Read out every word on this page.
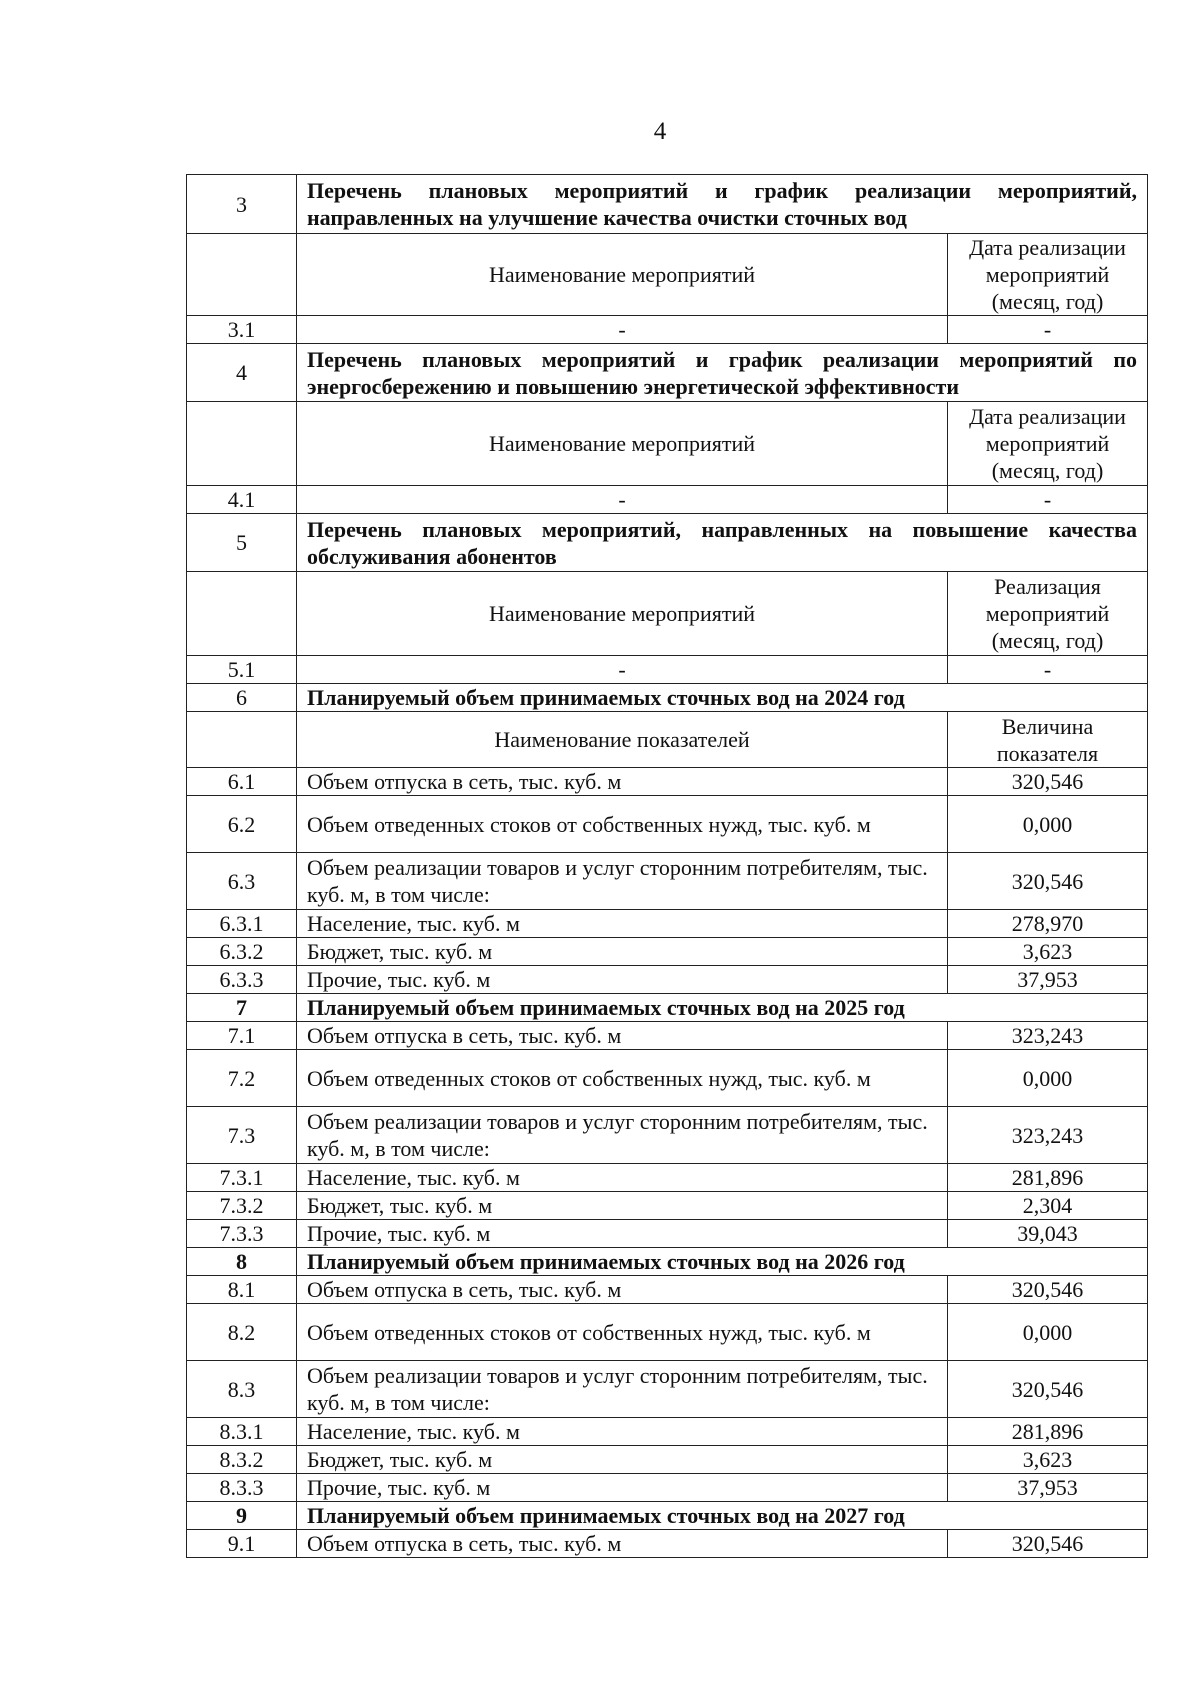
4
3	Перечень плановых мероприятий и график реализации мероприятий, направленных на улучшение качества очистки сточных вод	
	Наименование мероприятий	Дата реализации мероприятий (месяц, год)
3.1	-	-
4	Перечень плановых мероприятий и график реализации мероприятий по энергосбережению и повышению энергетической эффективности	
	Наименование мероприятий	Дата реализации мероприятий (месяц, год)
4.1	-	-
5	Перечень плановых мероприятий, направленных на повышение качества обслуживания абонентов	
	Наименование мероприятий	Реализация мероприятий (месяц, год)
5.1	-	-
6	Планируемый объем принимаемых сточных вод на 2024 год	
	Наименование показателей	Величина показателя
6.1	Объем отпуска в сеть, тыс. куб. м	320,546
6.2	Объем отведенных стоков от собственных нужд, тыс. куб. м	0,000
6.3	Объем реализации товаров и услуг сторонним потребителям, тыс. куб. м, в том числе:	320,546
6.3.1	Население, тыс. куб. м	278,970
6.3.2	Бюджет, тыс. куб. м	3,623
6.3.3	Прочие, тыс. куб. м	37,953
7	Планируемый объем принимаемых сточных вод на 2025 год	
7.1	Объем отпуска в сеть, тыс. куб. м	323,243
7.2	Объем отведенных стоков от собственных нужд, тыс. куб. м	0,000
7.3	Объем реализации товаров и услуг сторонним потребителям, тыс. куб. м, в том числе:	323,243
7.3.1	Население, тыс. куб. м	281,896
7.3.2	Бюджет, тыс. куб. м	2,304
7.3.3	Прочие, тыс. куб. м	39,043
8	Планируемый объем принимаемых сточных вод на 2026 год	
8.1	Объем отпуска в сеть, тыс. куб. м	320,546
8.2	Объем отведенных стоков от собственных нужд, тыс. куб. м	0,000
8.3	Объем реализации товаров и услуг сторонним потребителям, тыс. куб. м, в том числе:	320,546
8.3.1	Население, тыс. куб. м	281,896
8.3.2	Бюджет, тыс. куб. м	3,623
8.3.3	Прочие, тыс. куб. м	37,953
9	Планируемый объем принимаемых сточных вод на 2027 год	
9.1	Объем отпуска в сеть, тыс. куб. м	320,546
